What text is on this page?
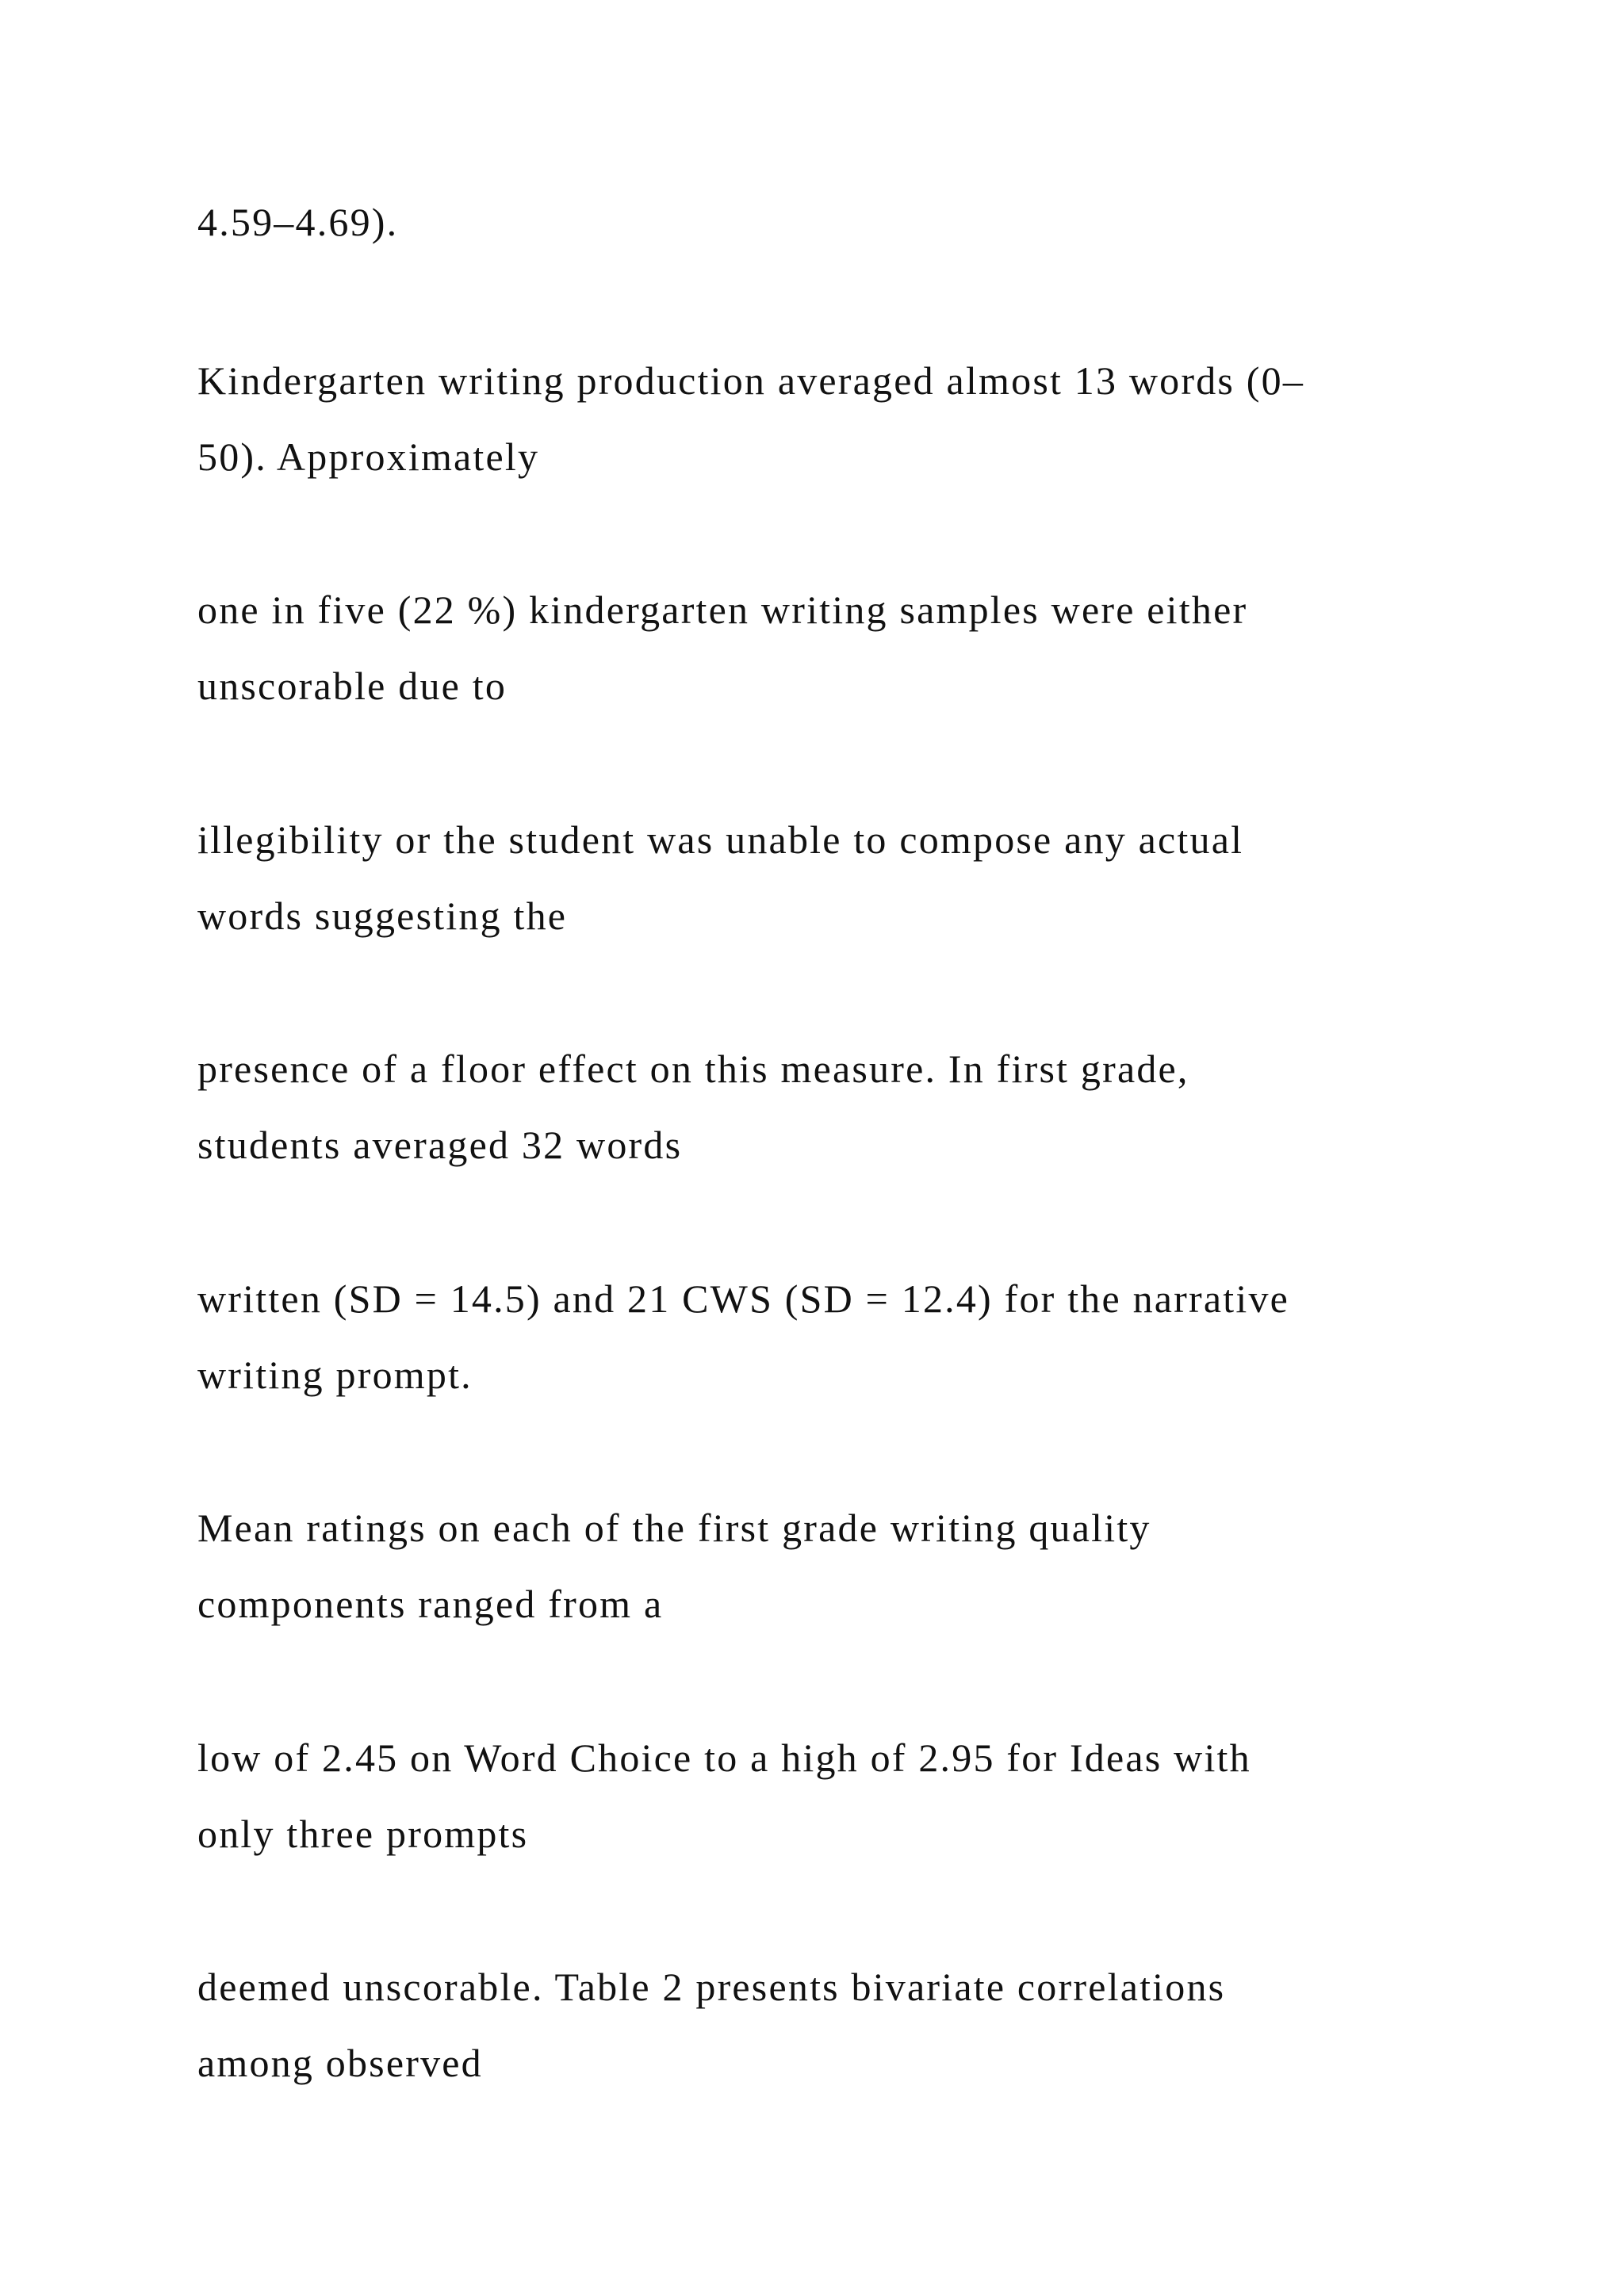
4.59–4.69).

Kindergarten writing production averaged almost 13 words (0–
50). Approximately

one in five (22 %) kindergarten writing samples were either
unscorable due to

illegibility or the student was unable to compose any actual
words suggesting the

presence of a floor effect on this measure. In first grade,
students averaged 32 words

written (SD = 14.5) and 21 CWS (SD = 12.4) for the narrative
writing prompt.

Mean ratings on each of the first grade writing quality
components ranged from a

low of 2.45 on Word Choice to a high of 2.95 for Ideas with
only three prompts

deemed unscorable. Table 2 presents bivariate correlations
among observed
